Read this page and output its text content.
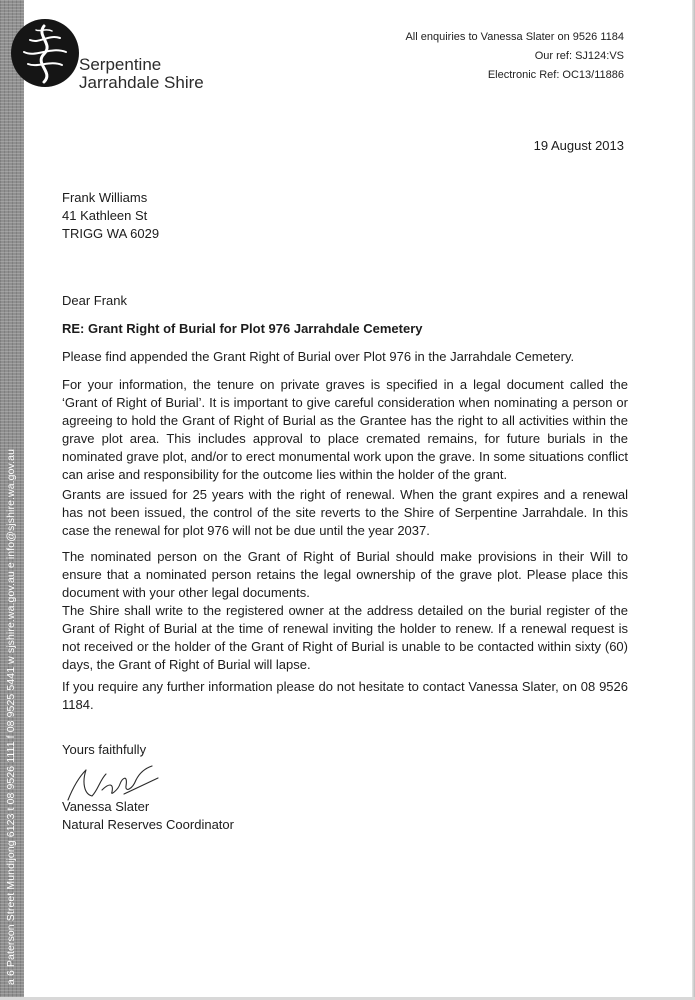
a 6 Paterson Street Mundijong 6123 t 08 9526 1111 f 08 9525 5441 w sjshire.wa.gov.au e info@sjshire.wa.gov.au
Serpentine
Jarrahdale Shire
All enquiries to Vanessa Slater on 9526 1184
Our ref: SJ124:VS
Electronic Ref: OC13/11886
19 August 2013
Frank Williams
41 Kathleen St
TRIGG WA 6029
Dear Frank
RE: Grant Right of Burial for Plot 976 Jarrahdale Cemetery

Please find appended the Grant Right of Burial over Plot 976 in the Jarrahdale Cemetery.

For your information, the tenure on private graves is specified in a legal document called the ‘Grant of Right of Burial’. It is important to give careful consideration when nominating a person or agreeing to hold the Grant of Right of Burial as the Grantee has the right to all activities within the grave plot area. This includes approval to place cremated remains, for future burials in the nominated grave plot, and/or to erect monumental work upon the grave. In some situations conflict can arise and responsibility for the outcome lies within the holder of the grant.

Grants are issued for 25 years with the right of renewal. When the grant expires and a renewal has not been issued, the control of the site reverts to the Shire of Serpentine Jarrahdale. In this case the renewal for plot 976 will not be due until the year 2037.

The nominated person on the Grant of Right of Burial should make provisions in their Will to ensure that a nominated person retains the legal ownership of the grave plot. Please place this document with your other legal documents.

The Shire shall write to the registered owner at the address detailed on the burial register of the Grant of Right of Burial at the time of renewal inviting the holder to renew. If a renewal request is not received or the holder of the Grant of Right of Burial is unable to be contacted within sixty (60) days, the Grant of Right of Burial will lapse.

If you require any further information please do not hesitate to contact Vanessa Slater, on 08 9526 1184.

Yours faithfully
Vanessa Slater
Natural Reserves Coordinator
